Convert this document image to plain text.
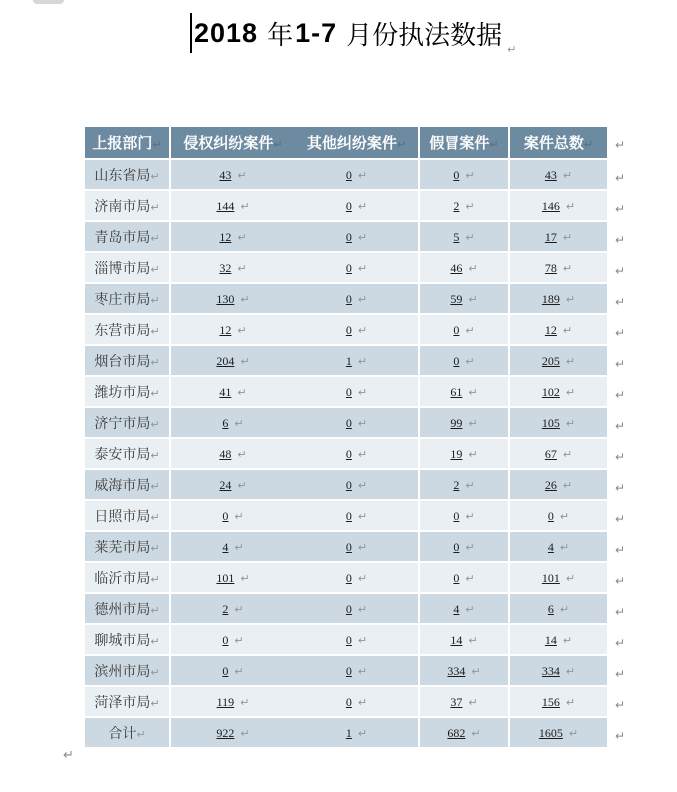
2018 年 1-7 月份执法数据 ↵
上报部门↵	侵权纠纷案件↵	其他纠纷案件↵	假冒案件↵	案件总数↵
山东省局↵	43 ↵	0 ↵	0 ↵	43 ↵
济南市局↵	144 ↵	0 ↵	2 ↵	146 ↵
青岛市局↵	12 ↵	0 ↵	5 ↵	17 ↵
淄博市局↵	32 ↵	0 ↵	46 ↵	78 ↵
枣庄市局↵	130 ↵	0 ↵	59 ↵	189 ↵
东营市局↵	12 ↵	0 ↵	0 ↵	12 ↵
烟台市局↵	204 ↵	1 ↵	0 ↵	205 ↵
潍坊市局↵	41 ↵	0 ↵	61 ↵	102 ↵
济宁市局↵	6 ↵	0 ↵	99 ↵	105 ↵
泰安市局↵	48 ↵	0 ↵	19 ↵	67 ↵
威海市局↵	24 ↵	0 ↵	2 ↵	26 ↵
日照市局↵	0 ↵	0 ↵	0 ↵	0 ↵
莱芜市局↵	4 ↵	0 ↵	0 ↵	4 ↵
临沂市局↵	101 ↵	0 ↵	0 ↵	101 ↵
德州市局↵	2 ↵	0 ↵	4 ↵	6 ↵
聊城市局↵	0 ↵	0 ↵	14 ↵	14 ↵
滨州市局↵	0 ↵	0 ↵	334 ↵	334 ↵
菏泽市局↵	119 ↵	0 ↵	37 ↵	156 ↵
合计↵	922 ↵	1 ↵	682 ↵	1605 ↵
↵
↵
↵
↵
↵
↵
↵
↵
↵
↵
↵
↵
↵
↵
↵
↵
↵
↵
↵
↵
↵
